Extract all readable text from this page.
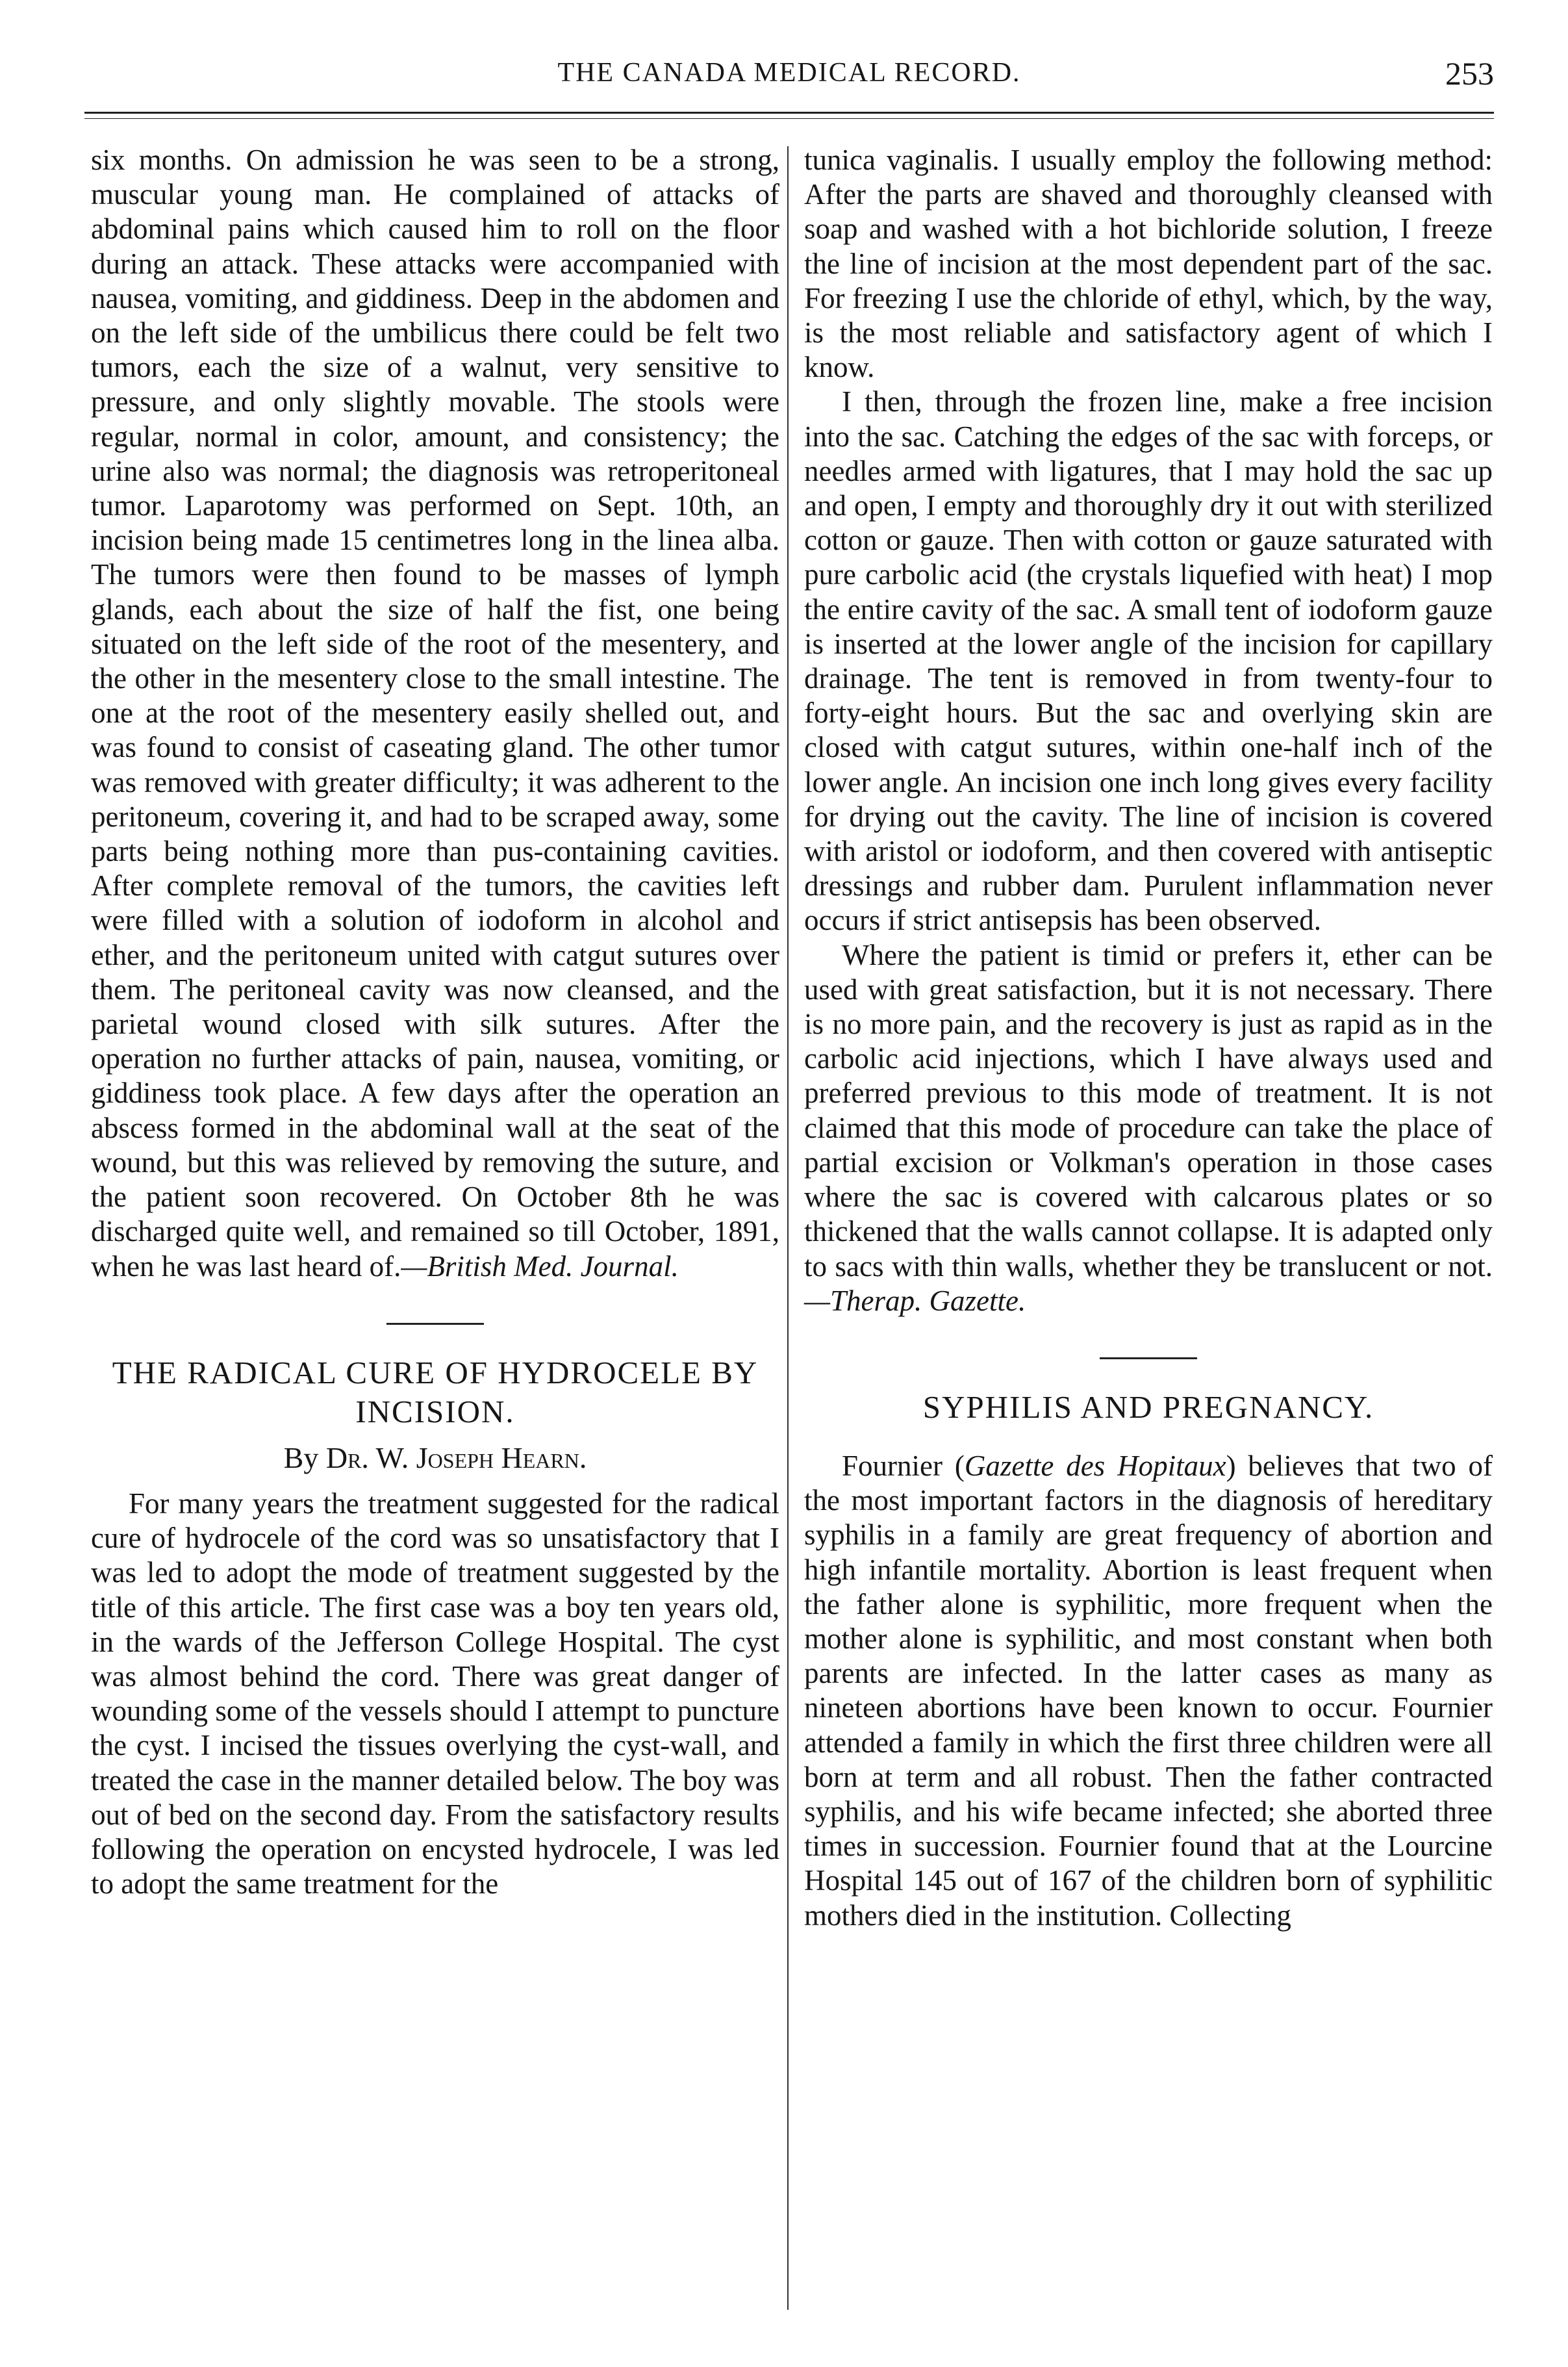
THE CANADA MEDICAL RECORD.	253

six months. On admission he was seen to be a strong, muscular young man. He complained of attacks of abdominal pains which caused him to roll on the floor during an attack. These attacks were accompanied with nausea, vomiting, and giddiness. Deep in the abdomen and on the left side of the umbilicus there could be felt two tumors, each the size of a walnut, very sensitive to pressure, and only slightly movable. The stools were regular, normal in color, amount, and consistency; the urine also was normal; the diagnosis was retroperitoneal tumor. Laparotomy was performed on Sept. 10th, an incision being made 15 centimetres long in the linea alba. The tumors were then found to be masses of lymph glands, each about the size of half the fist, one being situated on the left side of the root of the mesentery, and the other in the mesentery close to the small intestine. The one at the root of the mesentery easily shelled out, and was found to consist of caseating gland. The other tumor was removed with greater difficulty; it was adherent to the peritoneum, covering it, and had to be scraped away, some parts being nothing more than pus-containing cavities. After complete removal of the tumors, the cavities left were filled with a solution of iodoform in alcohol and ether, and the peritoneum united with catgut sutures over them. The peritoneal cavity was now cleansed, and the parietal wound closed with silk sutures. After the operation no further attacks of pain, nausea, vomiting, or giddiness took place. A few days after the operation an abscess formed in the abdominal wall at the seat of the wound, but this was relieved by removing the suture, and the patient soon recovered. On October 8th he was discharged quite well, and remained so till October, 1891, when he was last heard of.—British Med. Journal.

THE RADICAL CURE OF HYDROCELE BY INCISION.
By Dr. W. Joseph Hearn.

For many years the treatment suggested for the radical cure of hydrocele of the cord was so unsatisfactory that I was led to adopt the mode of treatment suggested by the title of this article. The first case was a boy ten years old, in the wards of the Jefferson College Hospital. The cyst was almost behind the cord. There was great danger of wounding some of the vessels should I attempt to puncture the cyst. I incised the tissues overlying the cyst-wall, and treated the case in the manner detailed below. The boy was out of bed on the second day. From the satisfactory results following the operation on encysted hydrocele, I was led to adopt the same treatment for the

tunica vaginalis. I usually employ the following method: After the parts are shaved and thoroughly cleansed with soap and washed with a hot bichloride solution, I freeze the line of incision at the most dependent part of the sac. For freezing I use the chloride of ethyl, which, by the way, is the most reliable and satisfactory agent of which I know.

I then, through the frozen line, make a free incision into the sac. Catching the edges of the sac with forceps, or needles armed with ligatures, that I may hold the sac up and open, I empty and thoroughly dry it out with sterilized cotton or gauze. Then with cotton or gauze saturated with pure carbolic acid (the crystals liquefied with heat) I mop the entire cavity of the sac. A small tent of iodoform gauze is inserted at the lower angle of the incision for capillary drainage. The tent is removed in from twenty-four to forty-eight hours. But the sac and overlying skin are closed with catgut sutures, within one-half inch of the lower angle. An incision one inch long gives every facility for drying out the cavity. The line of incision is covered with aristol or iodoform, and then covered with antiseptic dressings and rubber dam. Purulent inflammation never occurs if strict antisepsis has been observed.

Where the patient is timid or prefers it, ether can be used with great satisfaction, but it is not necessary. There is no more pain, and the recovery is just as rapid as in the carbolic acid injections, which I have always used and preferred previous to this mode of treatment. It is not claimed that this mode of procedure can take the place of partial excision or Volkman's operation in those cases where the sac is covered with calcarous plates or so thickened that the walls cannot collapse. It is adapted only to sacs with thin walls, whether they be translucent or not.—Therap. Gazette.

SYPHILIS AND PREGNANCY.

Fournier (Gazette des Hopitaux) believes that two of the most important factors in the diagnosis of hereditary syphilis in a family are great frequency of abortion and high infantile mortality. Abortion is least frequent when the father alone is syphilitic, more frequent when the mother alone is syphilitic, and most constant when both parents are infected. In the latter cases as many as nineteen abortions have been known to occur. Fournier attended a family in which the first three children were all born at term and all robust. Then the father contracted syphilis, and his wife became infected; she aborted three times in succession. Fournier found that at the Lourcine Hospital 145 out of 167 of the children born of syphilitic mothers died in the institution. Collecting
